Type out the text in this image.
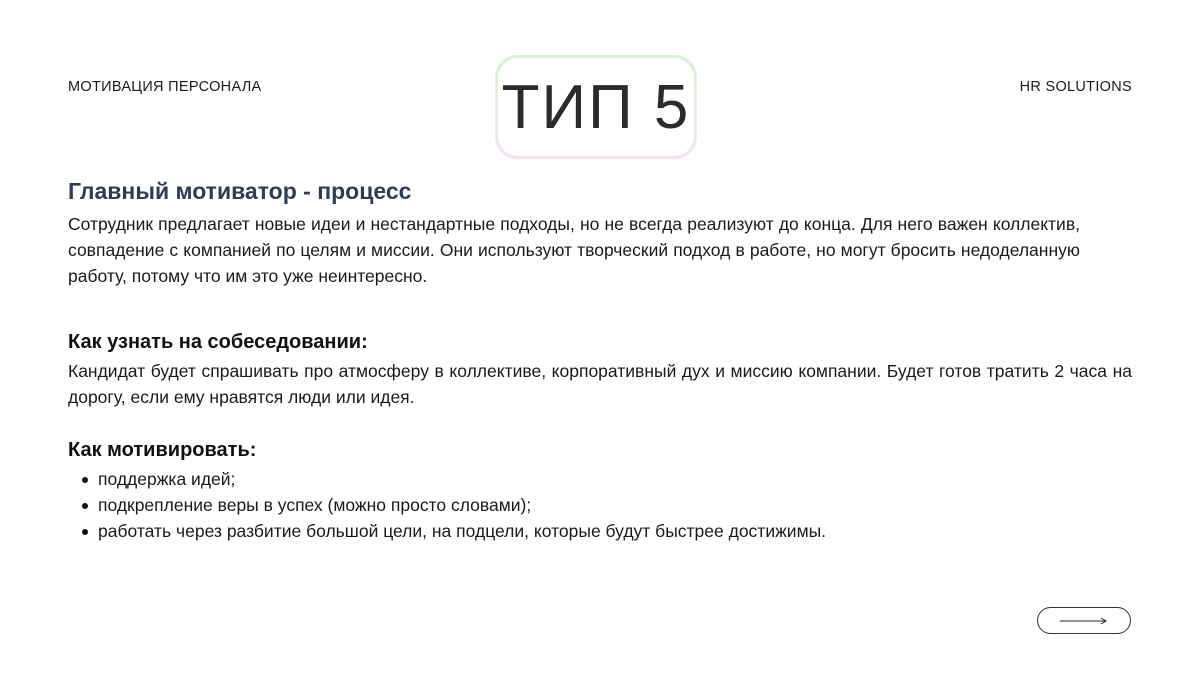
МОТИВАЦИЯ ПЕРСОНАЛА	HR SOLUTIONS
ТИП 5
Главный мотиватор - процесс
Сотрудник предлагает новые идеи и нестандартные подходы, но не всегда реализуют до конца. Для него важен коллектив, совпадение с компанией по целям и миссии. Они используют творческий подход в работе, но могут бросить недоделанную работу, потому что им это уже неинтересно.
Как узнать на собеседовании:
Кандидат будет спрашивать про атмосферу в коллективе, корпоративный дух и миссию компании. Будет готов тратить 2 часа на дорогу, если ему нравятся люди или идея.
Как мотивировать:
поддержка идей;
подкрепление веры в успех (можно просто словами);
работать через разбитие большой цели, на подцели, которые будут быстрее достижимы.
